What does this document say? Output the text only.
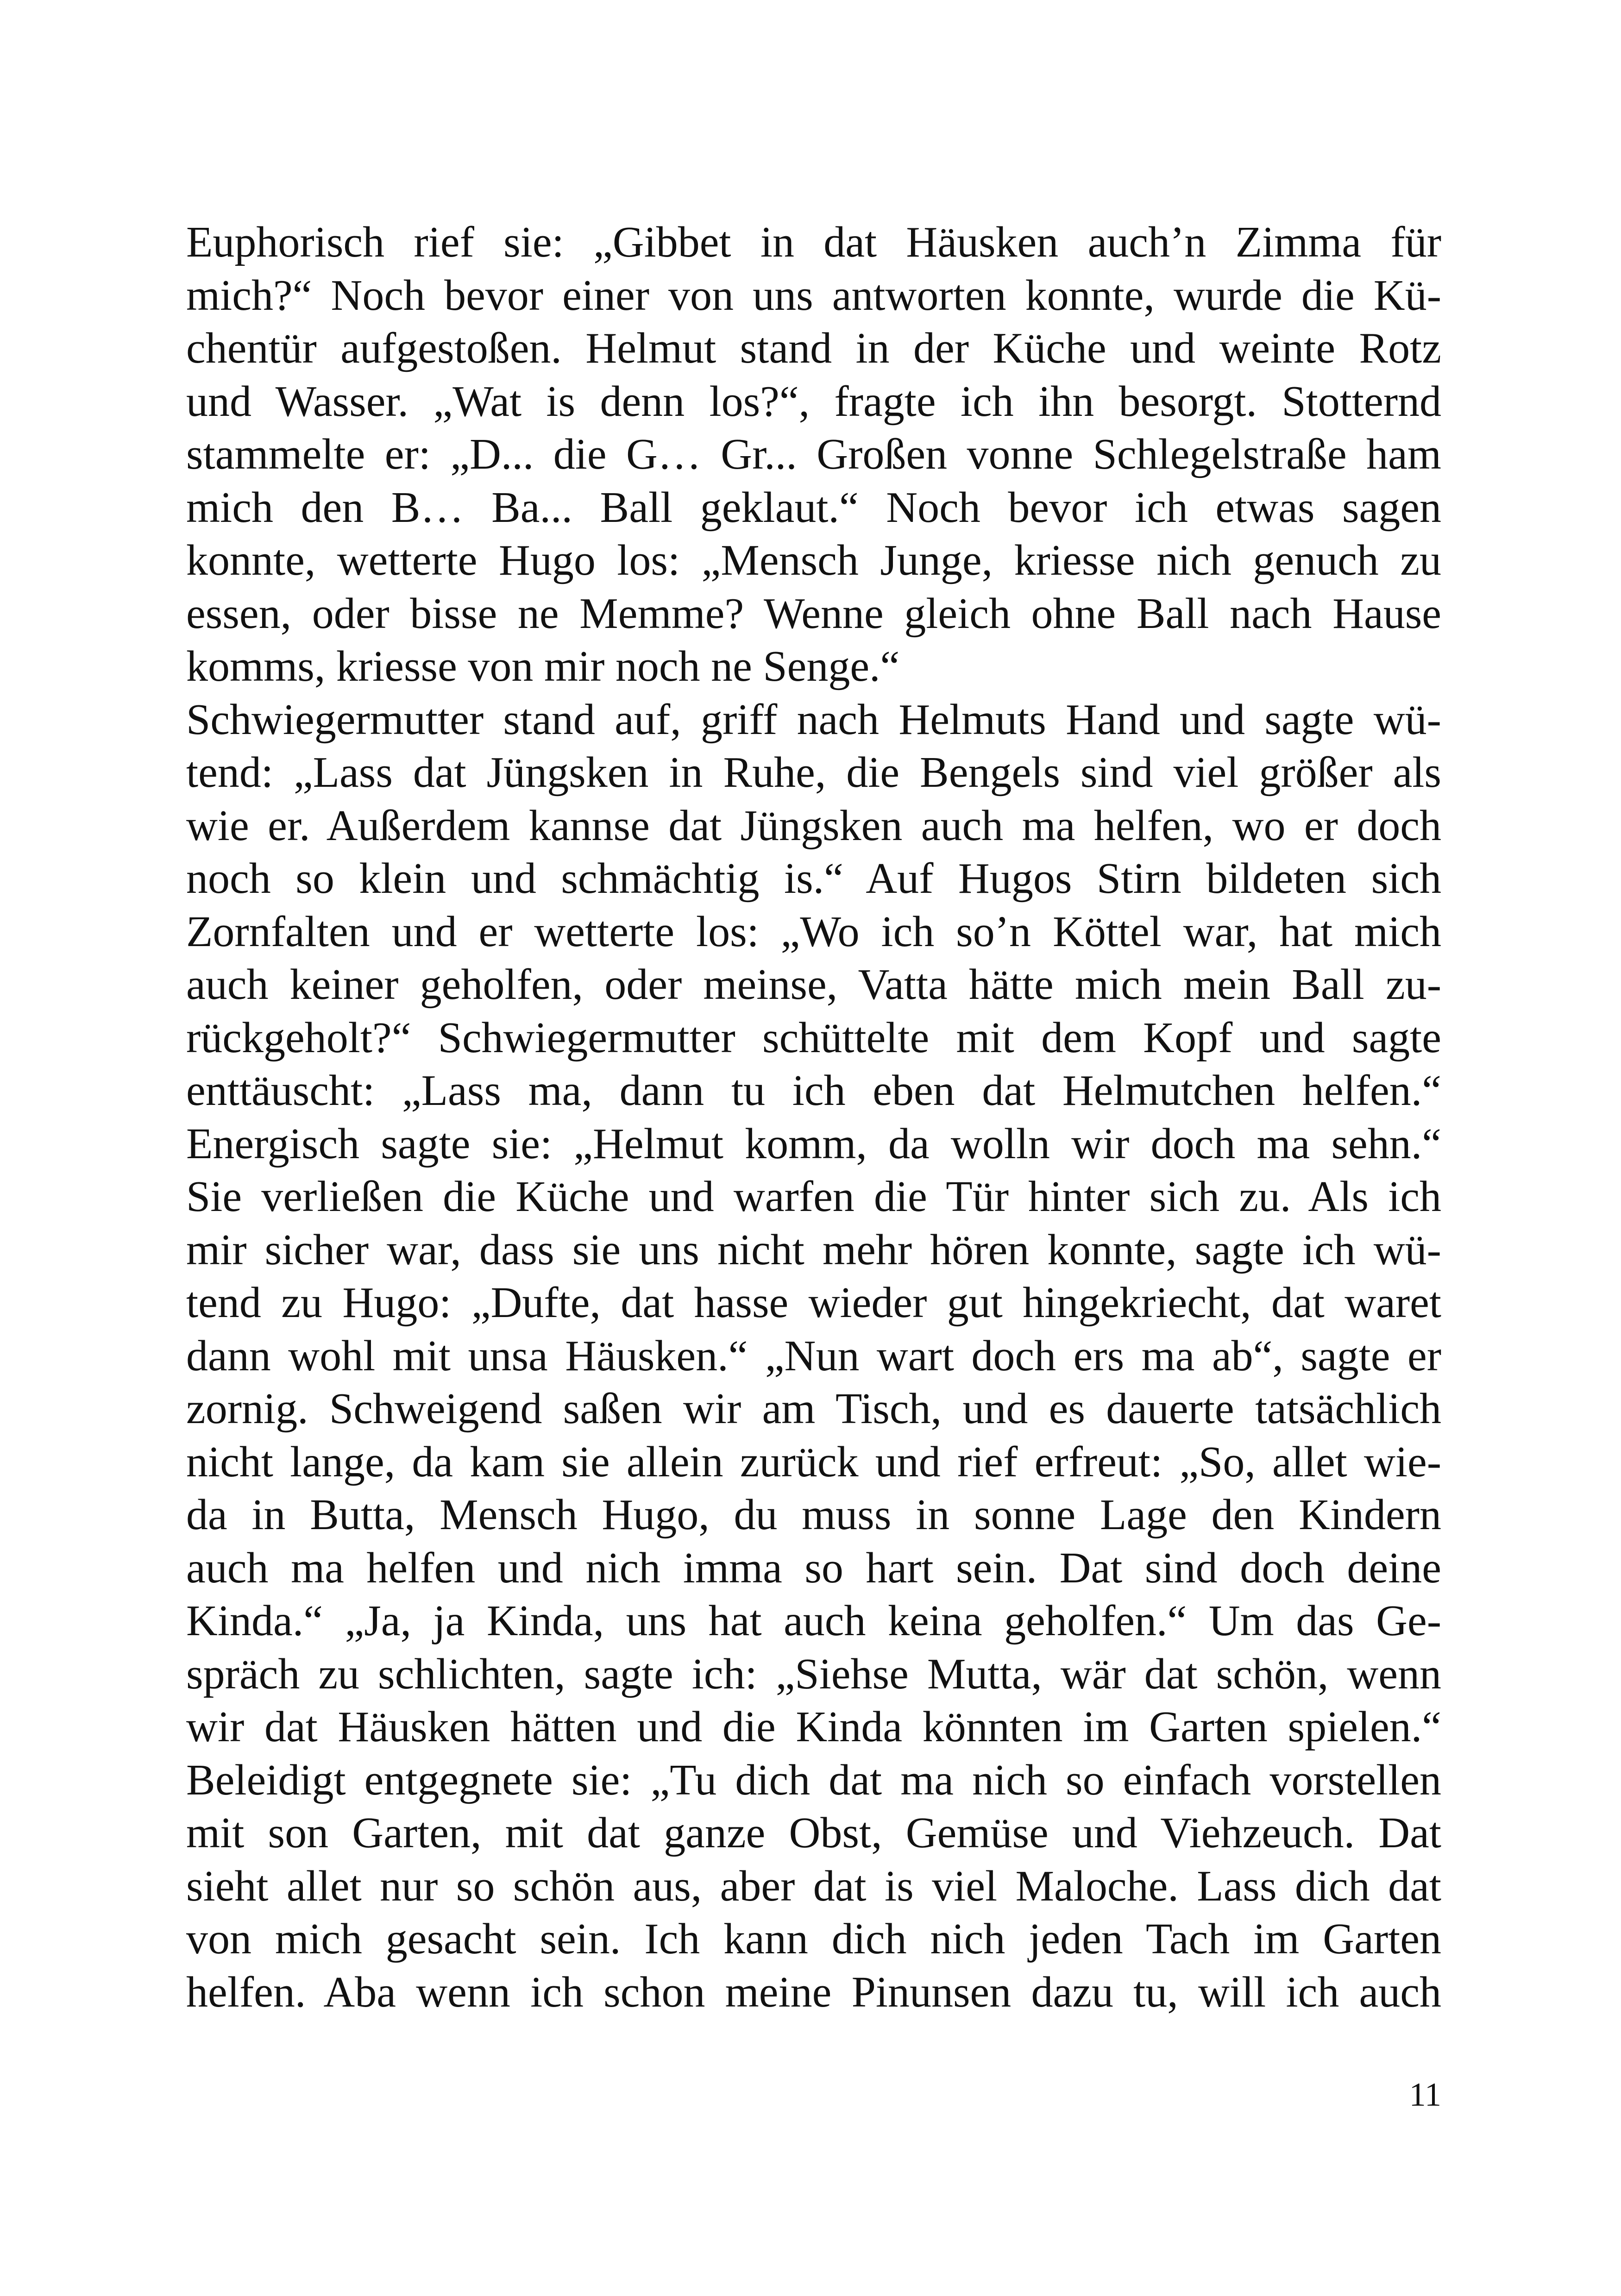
Euphorisch rief sie: „Gibbet in dat Häusken auch’n Zimma für
mich?“ Noch bevor einer von uns antworten konnte, wurde die Kü-
chentür aufgestoßen. Helmut stand in der Küche und weinte Rotz
und Wasser. „Wat is denn los?“, fragte ich ihn besorgt. Stotternd
stammelte er: „D... die G… Gr... Großen vonne Schlegelstraße ham
mich den B… Ba... Ball geklaut.“ Noch bevor ich etwas sagen
konnte, wetterte Hugo los: „Mensch Junge, kriesse nich genuch zu
essen, oder bisse ne Memme? Wenne gleich ohne Ball nach Hause
komms, kriesse von mir noch ne Senge.“
Schwiegermutter stand auf, griff nach Helmuts Hand und sagte wü-
tend: „Lass dat Jüngsken in Ruhe, die Bengels sind viel größer als
wie er. Außerdem kannse dat Jüngsken auch ma helfen, wo er doch
noch so klein und schmächtig is.“ Auf Hugos Stirn bildeten sich
Zornfalten und er wetterte los: „Wo ich so’n Köttel war, hat mich
auch keiner geholfen, oder meinse, Vatta hätte mich mein Ball zu-
rückgeholt?“ Schwiegermutter schüttelte mit dem Kopf und sagte
enttäuscht: „Lass ma, dann tu ich eben dat Helmutchen helfen.“
Energisch sagte sie: „Helmut komm, da wolln wir doch ma sehn.“
Sie verließen die Küche und warfen die Tür hinter sich zu. Als ich
mir sicher war, dass sie uns nicht mehr hören konnte, sagte ich wü-
tend zu Hugo: „Dufte, dat hasse wieder gut hingekriecht, dat waret
dann wohl mit unsa Häusken.“ „Nun wart doch ers ma ab“, sagte er
zornig. Schweigend saßen wir am Tisch, und es dauerte tatsächlich
nicht lange, da kam sie allein zurück und rief erfreut: „So, allet wie-
da in Butta, Mensch Hugo, du muss in sonne Lage den Kindern
auch ma helfen und nich imma so hart sein. Dat sind doch deine
Kinda.“ „Ja, ja Kinda, uns hat auch keina geholfen.“ Um das Ge-
spräch zu schlichten, sagte ich: „Siehse Mutta, wär dat schön, wenn
wir dat Häusken hätten und die Kinda könnten im Garten spielen.“
Beleidigt entgegnete sie: „Tu dich dat ma nich so einfach vorstellen
mit son Garten, mit dat ganze Obst, Gemüse und Viehzeuch. Dat
sieht allet nur so schön aus, aber dat is viel Maloche. Lass dich dat
von mich gesacht sein. Ich kann dich nich jeden Tach im Garten
helfen. Aba wenn ich schon meine Pinunsen dazu tu, will ich auch
11
